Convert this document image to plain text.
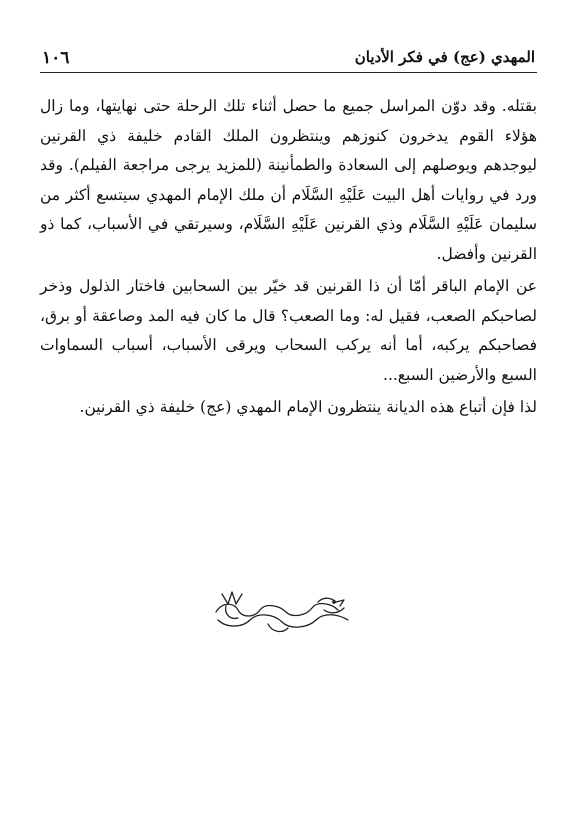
١٠٦	المهدي (عج) في فكر الأديان

بقتله. وقد دوّن المراسل جميع ما حصل أثناء تلك الرحلة حتى نهايتها، وما زال هؤلاء القوم يدخرون كنوزهم وينتظرون الملك القادم خليفة ذي القرنين ليوجدهم ويوصلهم إلى السعادة والطمأنينة (للمزيد يرجى مراجعة الفيلم). وقد ورد في روايات أهل البيت عَلَيْهِ السَّلَام أن ملك الإمام المهدي سيتسع أكثر من سليمان عَلَيْهِ السَّلَام وذي القرنين عَلَيْهِ السَّلَام، وسيرتقي في الأسباب، كما ذو القرنين وأفضل.

عن الإمام الباقر أمّا أن ذا القرنين قد خيّر بين السحابين فاختار الذلول وذخر لصاحبكم الصعب، فقيل له: وما الصعب؟ قال ما كان فيه المد وصاعقة أو برق، فصاحبكم يركبه، أما أنه يركب السحاب ويرقى الأسباب، أسباب السماوات السبع والأرضين السبع...

لذا فإن أتباع هذه الديانة ينتظرون الإمام المهدي (عج) خليفة ذي القرنين.
